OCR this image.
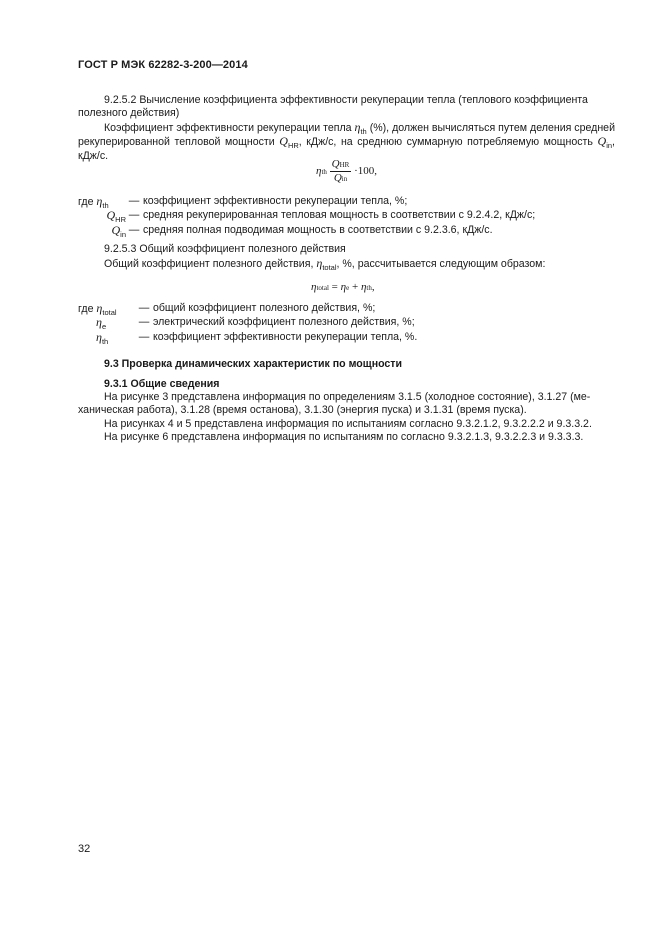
ГОСТ Р МЭК 62282-3-200—2014
9.2.5.2 Вычисление коэффициента эффективности рекуперации тепла (теплового коэффициента
полезного действия)
Коэффициент эффективности рекуперации тепла $\eta_{th}$ (%), должен вычисляться путем деления средней рекуперированной тепловой мощности $Q_{HR}$, кДж/с, на среднюю суммарную потребляемую мощность $Q_{in}$, кДж/с.
ηth $\frac{\text{QHR}}{\text{Qin}} \cdot 100$,
где $\eta_{th}$	— коэффициент эффективности рекуперации тепла, %;
$Q_{HR}$	— средняя рекуперированная тепловая мощность в соответствии с 9.2.4.2, кДж/с;
$Q_{in}$	— средняя полная подводимая мощность в соответствии с 9.2.3.6, кДж/с.
9.2.5.3 Общий коэффициент полезного действия
Общий коэффициент полезного действия, $\eta_{total}$, %, рассчитывается следующим образом:
ηtotal = ηe + ηth,
где $\eta_{total}$	— общий коэффициент полезного действия, %;
$\eta_e$	— электрический коэффициент полезного действия, %;
$\eta_{th}$	— коэффициент эффективности рекуперации тепла, %.
9.3 Проверка динамических характеристик по мощности
9.3.1 Общие сведения
На рисунке 3 представлена информация по определениям 3.1.5 (холодное состояние), 3.1.27 (ме-
ханическая работа), 3.1.28 (время останова), 3.1.30 (энергия пуска) и 3.1.31 (время пуска).
На рисунках 4 и 5 представлена информация по испытаниям согласно 9.3.2.1.2, 9.3.2.2.2 и 9.3.3.2.
На рисунке 6 представлена информация по испытаниям по согласно 9.3.2.1.3, 9.3.2.2.3 и 9.3.3.3.
32
